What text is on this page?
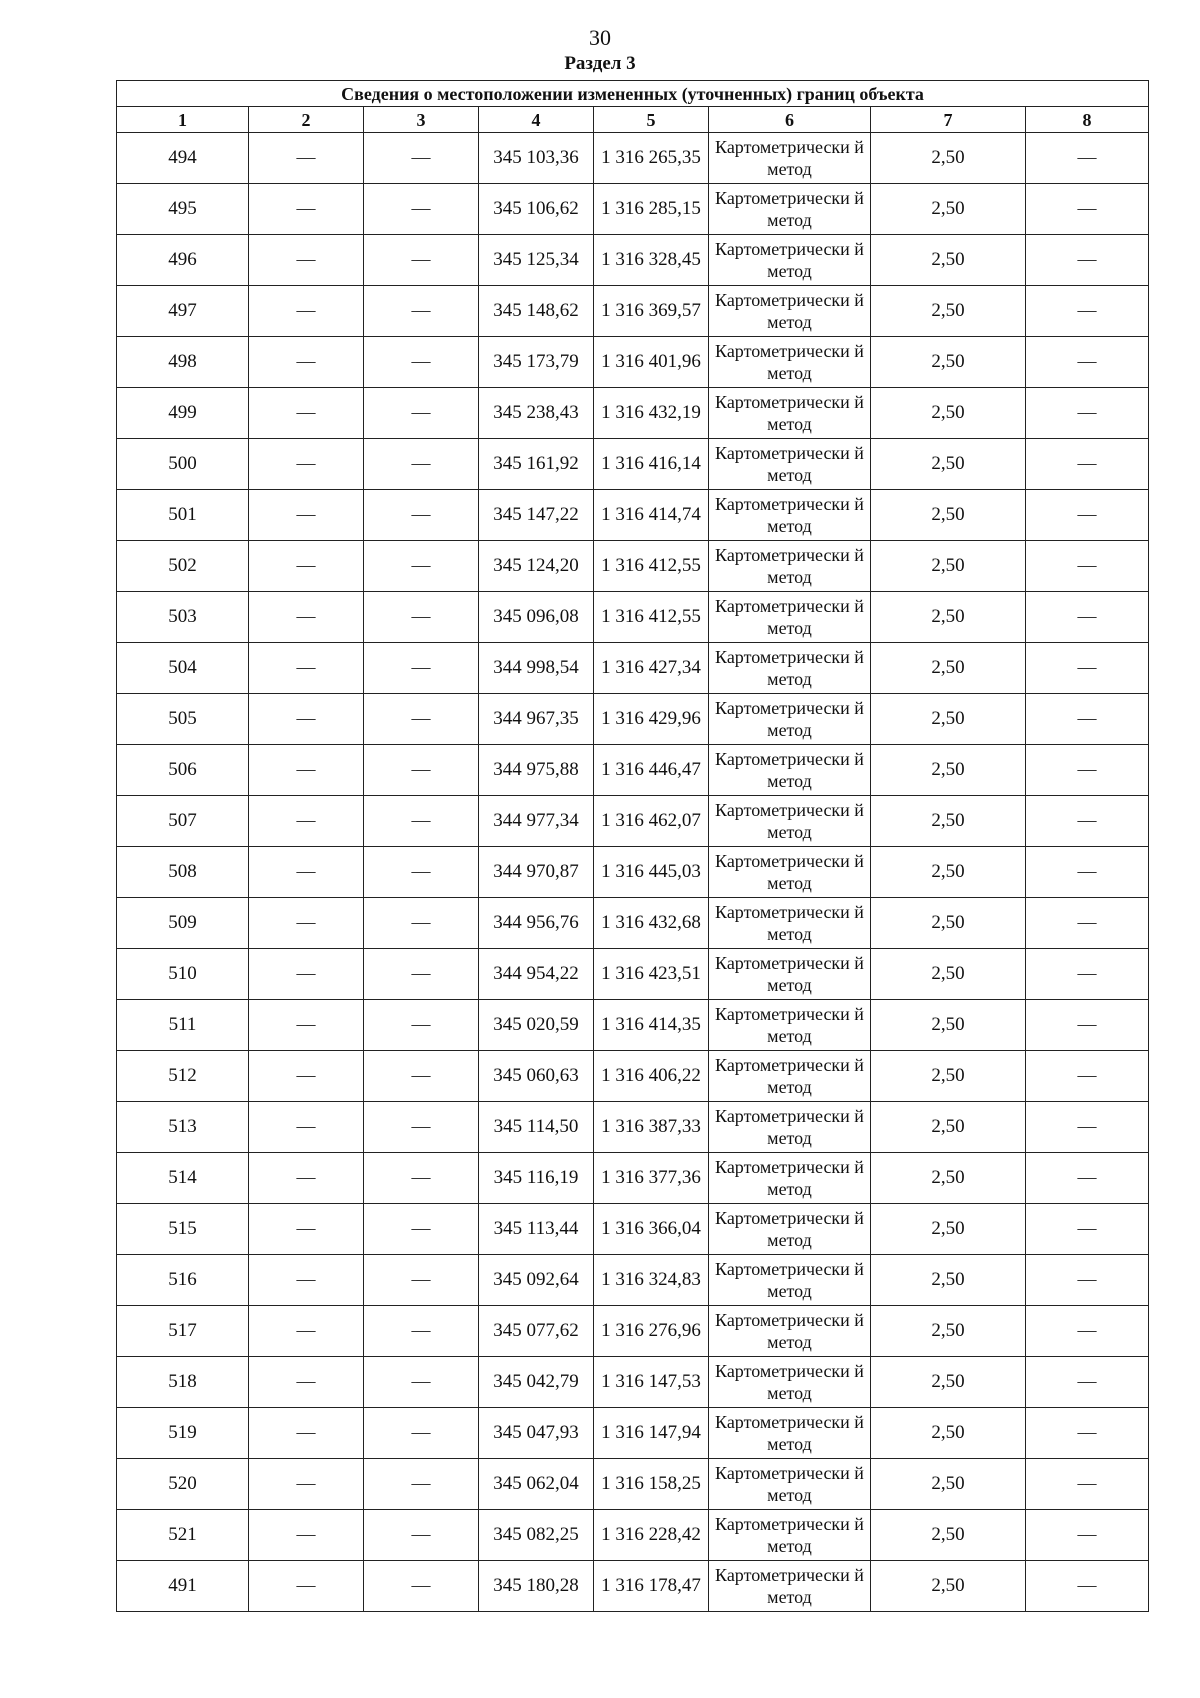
30
Раздел 3
Сведения о местоположении измененных (уточненных) границ объекта							
1	2	3	4	5	6	7	8
494	—	—	345 103,36	1 316 265,35	Картометрически й метод	2,50	—
495	—	—	345 106,62	1 316 285,15	Картометрически й метод	2,50	—
496	—	—	345 125,34	1 316 328,45	Картометрически й метод	2,50	—
497	—	—	345 148,62	1 316 369,57	Картометрически й метод	2,50	—
498	—	—	345 173,79	1 316 401,96	Картометрически й метод	2,50	—
499	—	—	345 238,43	1 316 432,19	Картометрически й метод	2,50	—
500	—	—	345 161,92	1 316 416,14	Картометрически й метод	2,50	—
501	—	—	345 147,22	1 316 414,74	Картометрически й метод	2,50	—
502	—	—	345 124,20	1 316 412,55	Картометрически й метод	2,50	—
503	—	—	345 096,08	1 316 412,55	Картометрически й метод	2,50	—
504	—	—	344 998,54	1 316 427,34	Картометрически й метод	2,50	—
505	—	—	344 967,35	1 316 429,96	Картометрически й метод	2,50	—
506	—	—	344 975,88	1 316 446,47	Картометрически й метод	2,50	—
507	—	—	344 977,34	1 316 462,07	Картометрически й метод	2,50	—
508	—	—	344 970,87	1 316 445,03	Картометрически й метод	2,50	—
509	—	—	344 956,76	1 316 432,68	Картометрически й метод	2,50	—
510	—	—	344 954,22	1 316 423,51	Картометрически й метод	2,50	—
511	—	—	345 020,59	1 316 414,35	Картометрически й метод	2,50	—
512	—	—	345 060,63	1 316 406,22	Картометрически й метод	2,50	—
513	—	—	345 114,50	1 316 387,33	Картометрически й метод	2,50	—
514	—	—	345 116,19	1 316 377,36	Картометрически й метод	2,50	—
515	—	—	345 113,44	1 316 366,04	Картометрически й метод	2,50	—
516	—	—	345 092,64	1 316 324,83	Картометрически й метод	2,50	—
517	—	—	345 077,62	1 316 276,96	Картометрически й метод	2,50	—
518	—	—	345 042,79	1 316 147,53	Картометрически й метод	2,50	—
519	—	—	345 047,93	1 316 147,94	Картометрически й метод	2,50	—
520	—	—	345 062,04	1 316 158,25	Картометрически й метод	2,50	—
521	—	—	345 082,25	1 316 228,42	Картометрически й метод	2,50	—
491	—	—	345 180,28	1 316 178,47	Картометрически й метод	2,50	—
